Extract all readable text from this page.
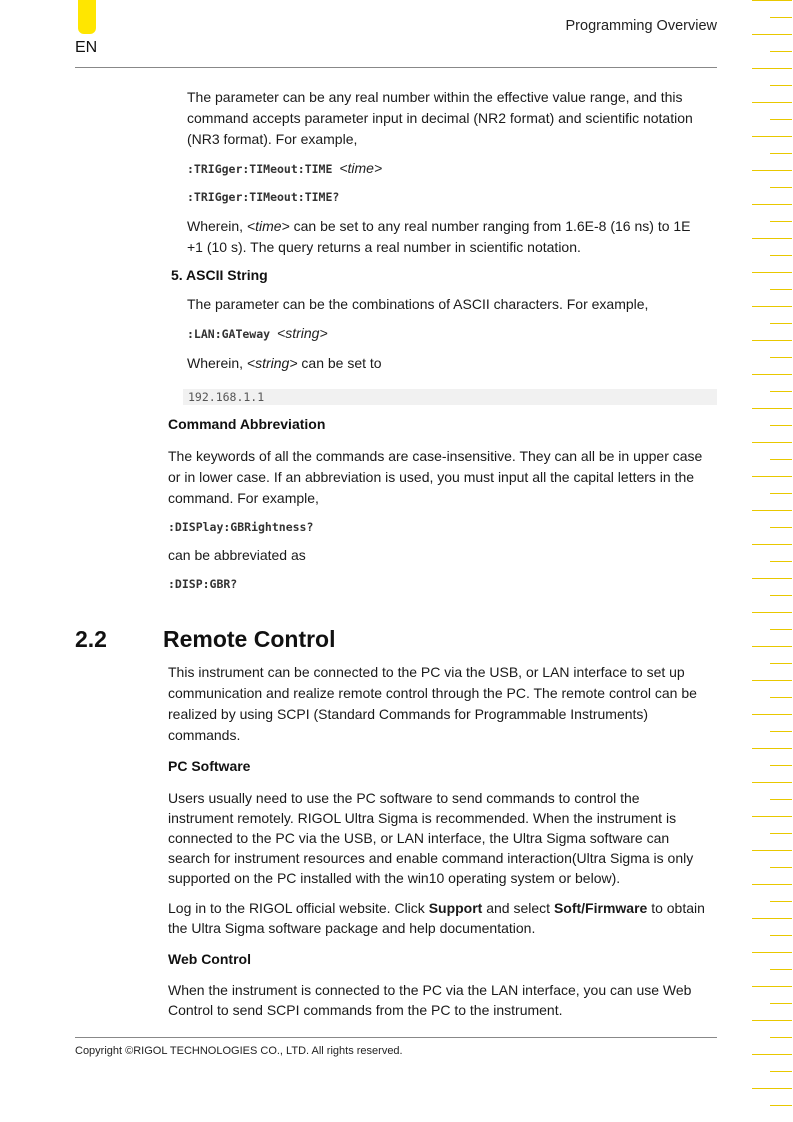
EN
Programming Overview
The parameter can be any real number within the effective value range, and this
command accepts parameter input in decimal (NR2 format) and scientific notation
(NR3 format). For example,
:TRIGger:TIMeout:TIME <time>
:TRIGger:TIMeout:TIME?
Wherein, <time> can be set to any real number ranging from 1.6E-8 (16 ns) to 1E
+1 (10 s). The query returns a real number in scientific notation.
5. ASCII String
The parameter can be the combinations of ASCII characters. For example,
:LAN:GATeway <string>
Wherein, <string> can be set to
192.168.1.1
Command Abbreviation
The keywords of all the commands are case-insensitive. They can all be in upper case
or in lower case. If an abbreviation is used, you must input all the capital letters in the
command. For example,
:DISPlay:GBRightness?
can be abbreviated as
:DISP:GBR?
2.2 Remote Control
This instrument can be connected to the PC via the USB, or LAN interface to set up
communication and realize remote control through the PC. The remote control can be
realized by using SCPI (Standard Commands for Programmable Instruments)
commands.
PC Software
Users usually need to use the PC software to send commands to control the
instrument remotely. RIGOL Ultra Sigma is recommended. When the instrument is
connected to the PC via the USB, or LAN interface, the Ultra Sigma software can
search for instrument resources and enable command interaction(Ultra Sigma is only
supported on the PC installed with the win10 operating system or below).
Log in to the RIGOL official website. Click Support and select Soft/Firmware to obtain
the Ultra Sigma software package and help documentation.
Web Control
When the instrument is connected to the PC via the LAN interface, you can use Web
Control to send SCPI commands from the PC to the instrument.
Copyright ©RIGOL TECHNOLOGIES CO., LTD. All rights reserved.
